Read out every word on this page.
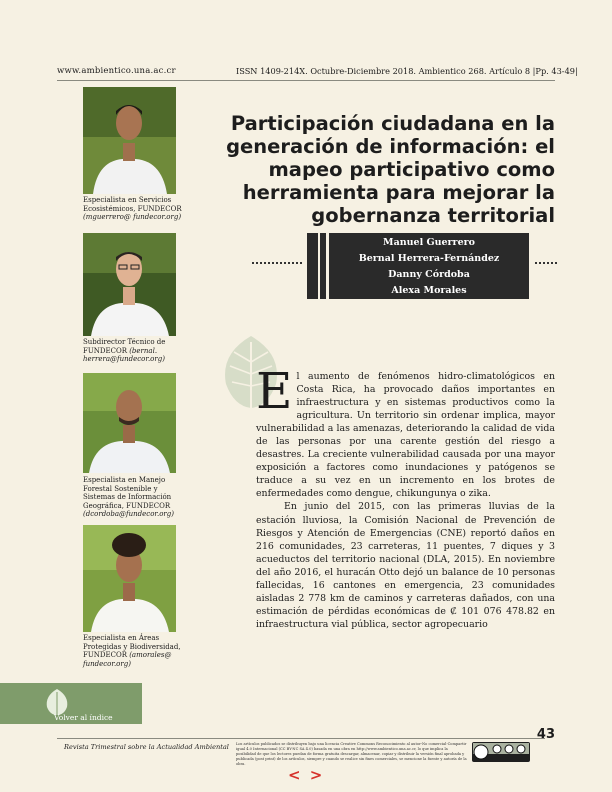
www.ambientico.una.ac.cr	ISSN 1409-214X. Octubre-Diciembre 2018. Ambientico 268. Artículo 8 |Pp. 43-49|
Especialista en Servicios Ecosistémicos, FUNDECOR (mguerrero@ fundecor.org)
Subdirector Técnico de FUNDECOR (bernal. herrera@fundecor.org)
Especialista en Manejo Forestal Sostenible y Sistemas de Información Geográfica, FUNDECOR (dcordoba@fundecor.org)
Especialista en Áreas Protegidas y Biodiversidad, FUNDECOR (amorales@ fundecor.org)
Participación ciudadana en la generación de información: el mapeo participativo como herramienta para mejorar la gobernanza territorial
Manuel Guerrero
Bernal Herrera-Fernández
Danny Córdoba
Alexa Morales

El aumento de fenómenos hidro-climatológicos en Costa Rica, ha provocado daños importantes en infraestructura y en sistemas productivos como la agricultura. Un territorio sin ordenar implica, mayor vulnerabilidad a las amenazas, deteriorando la calidad de vida de las personas por una carente gestión del riesgo a desastres. La creciente vulnerabilidad causada por una mayor exposición a factores como inundaciones y patógenos se traduce a su vez en un incremento en los brotes de enfermedades como dengue, chikungunya o zika.

En junio del 2015, con las primeras lluvias de la estación lluviosa, la Comisión Nacional de Prevención de Riesgos y Atención de Emergencias (CNE) reportó daños en 216 comunidades, 23 carreteras, 11 puentes, 7 diques y 3 acueductos del territorio nacional (DLA, 2015). En noviembre del año 2016, el huracán Otto dejó un balance de 10 personas fallecidas, 16 cantones en emergencia, 23 comunidades aisladas 2 778 km de caminos y carreteras dañados, con una estimación de pérdidas económicas de ₡ 101 076 478.82 en infraestructura vial pública, sector agropecuario

Volver al índice
43
Revista Trimestral sobre la Actualidad Ambiental Los artículos publicados se distribuyen bajo una licencia Creative Commons Reconocimiento al autor-No comercial-Compartir igual 4.0 Internacional (CC BY-NC SA 4.0) basada en una obra en http://www.ambientico.una.ac.cr, lo que implica la posibilidad de que los lectores puedan de forma gratuita descargar, almacenar, copiar y distribuir la versión final aprobada y publicada (post print) de los artículos, siempre y cuando se realice sin fines comerciales, se mencione la fuente y autoría de la obra.
< >
